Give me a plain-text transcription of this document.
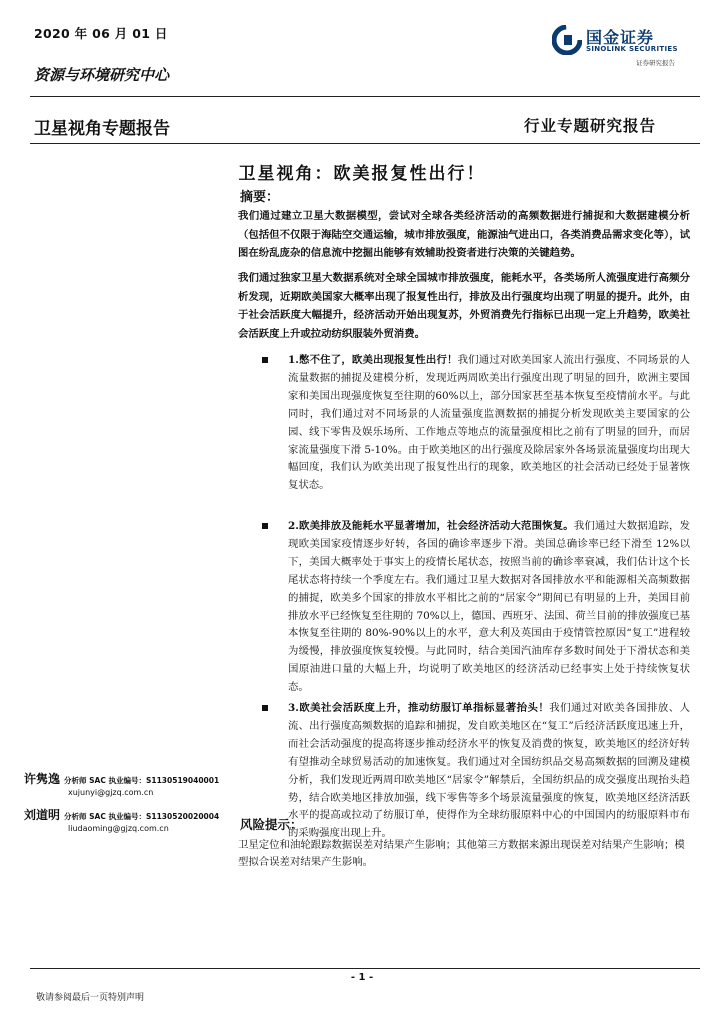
2020 年 06 月 01 日	国金证券
SINOLINK SECURITIES
证券研究报告
资源与环境研究中心
卫星视角专题报告	行业专题研究报告
卫星视角：欧美报复性出行！
摘要：
我们通过建立卫星大数据模型，尝试对全球各类经济活动的高频数据进行捕捉和大数据建模分析（包括但不仅限于海陆空交通运输，城市排放强度，能源油气进出口，各类消费品需求变化等），试图在纷乱庞杂的信息流中挖掘出能够有效辅助投资者进行决策的关键趋势。
我们通过独家卫星大数据系统对全球全国城市排放强度，能耗水平，各类场所人流强度进行高频分析发现，近期欧美国家大概率出现了报复性出行，排放及出行强度均出现了明显的提升。此外，由于社会活跃度大幅提升，经济活动开始出现复苏，外贸消费先行指标已出现一定上升趋势，欧美社会活跃度上升或拉动纺织服装外贸消费。
1.憋不住了，欧美出现报复性出行！我们通过对欧美国家人流出行强度、不同场景的人流量数据的捕捉及建模分析，发现近两周欧美出行强度出现了明显的回升，欧洲主要国家和美国出现强度恢复至往期的60%以上，部分国家甚至基本恢复至疫情前水平。与此同时，我们通过对不同场景的人流量强度监测数据的捕捉分析发现欧美主要国家的公园、线下零售及娱乐场所、工作地点等地点的流量强度相比之前有了明显的回升，而居家流量强度下滑 5-10%。由于欧美地区的出行强度及除居家外各场景流量强度均出现大幅回度，我们认为欧美出现了报复性出行的现象，欧美地区的社会活动已经处于显著恢复状态。
2.欧美排放及能耗水平显著增加，社会经济活动大范围恢复。我们通过大数据追踪，发现欧美国家疫情逐步好转，各国的确诊率逐步下滑。美国总确诊率已经下滑至 12%以下，美国大概率处于事实上的疫情长尾状态，按照当前的确诊率衰减，我们估计这个长尾状态将持续一个季度左右。我们通过卫星大数据对各国排放水平和能源相关高频数据的捕捉，欧美多个国家的排放水平相比之前的“居家令”期间已有明显的上升，美国目前排放水平已经恢复至往期的 70%以上，德国、西班牙、法国、荷兰目前的排放强度已基本恢复至往期的 80%-90%以上的水平，意大利及英国由于疫情管控原因“复工”进程较为缓慢，排放强度恢复较慢。与此同时，结合美国汽油库存多数时间处于下滑状态和美国原油进口量的大幅上升，均说明了欧美地区的经济活动已经事实上处于持续恢复状态。
3.欧美社会活跃度上升，推动纺服订单指标显著抬头！我们通过对欧美各国排放、人流、出行强度高频数据的追踪和捕捉，发自欧美地区在“复工”后经济活跃度迅速上升，而社会活动强度的提高将逐步推动经济水平的恢复及消费的恢复，欧美地区的经济好转有望推动全球贸易活动的加速恢复。我们通过对全国纺织品交易高频数据的回溯及建模分析，我们发现近两周印欧美地区“居家令”解禁后，全国纺织品的成交强度出现抬头趋势，结合欧美地区排放加强，线下零售等多个场景流量强度的恢复，欧美地区经济活跃水平的提高或拉动了纺服订单，使得作为全球纺服原料中心的中国国内的纺服原料市布的采购强度出现上升。
风险提示：
卫星定位和油轮跟踪数据误差对结果产生影响；其他第三方数据来源出现误差对结果产生影响；模型拟合误差对结果产生影响。
许隽逸 分析师 SAC 执业编号：S1130519040001
xujunyi@gjzq.com.cn
刘道明 分析师 SAC 执业编号：S1130520020004
liudaoming@gjzq.com.cn
- 1 -
敬请参阅最后一页特别声明
